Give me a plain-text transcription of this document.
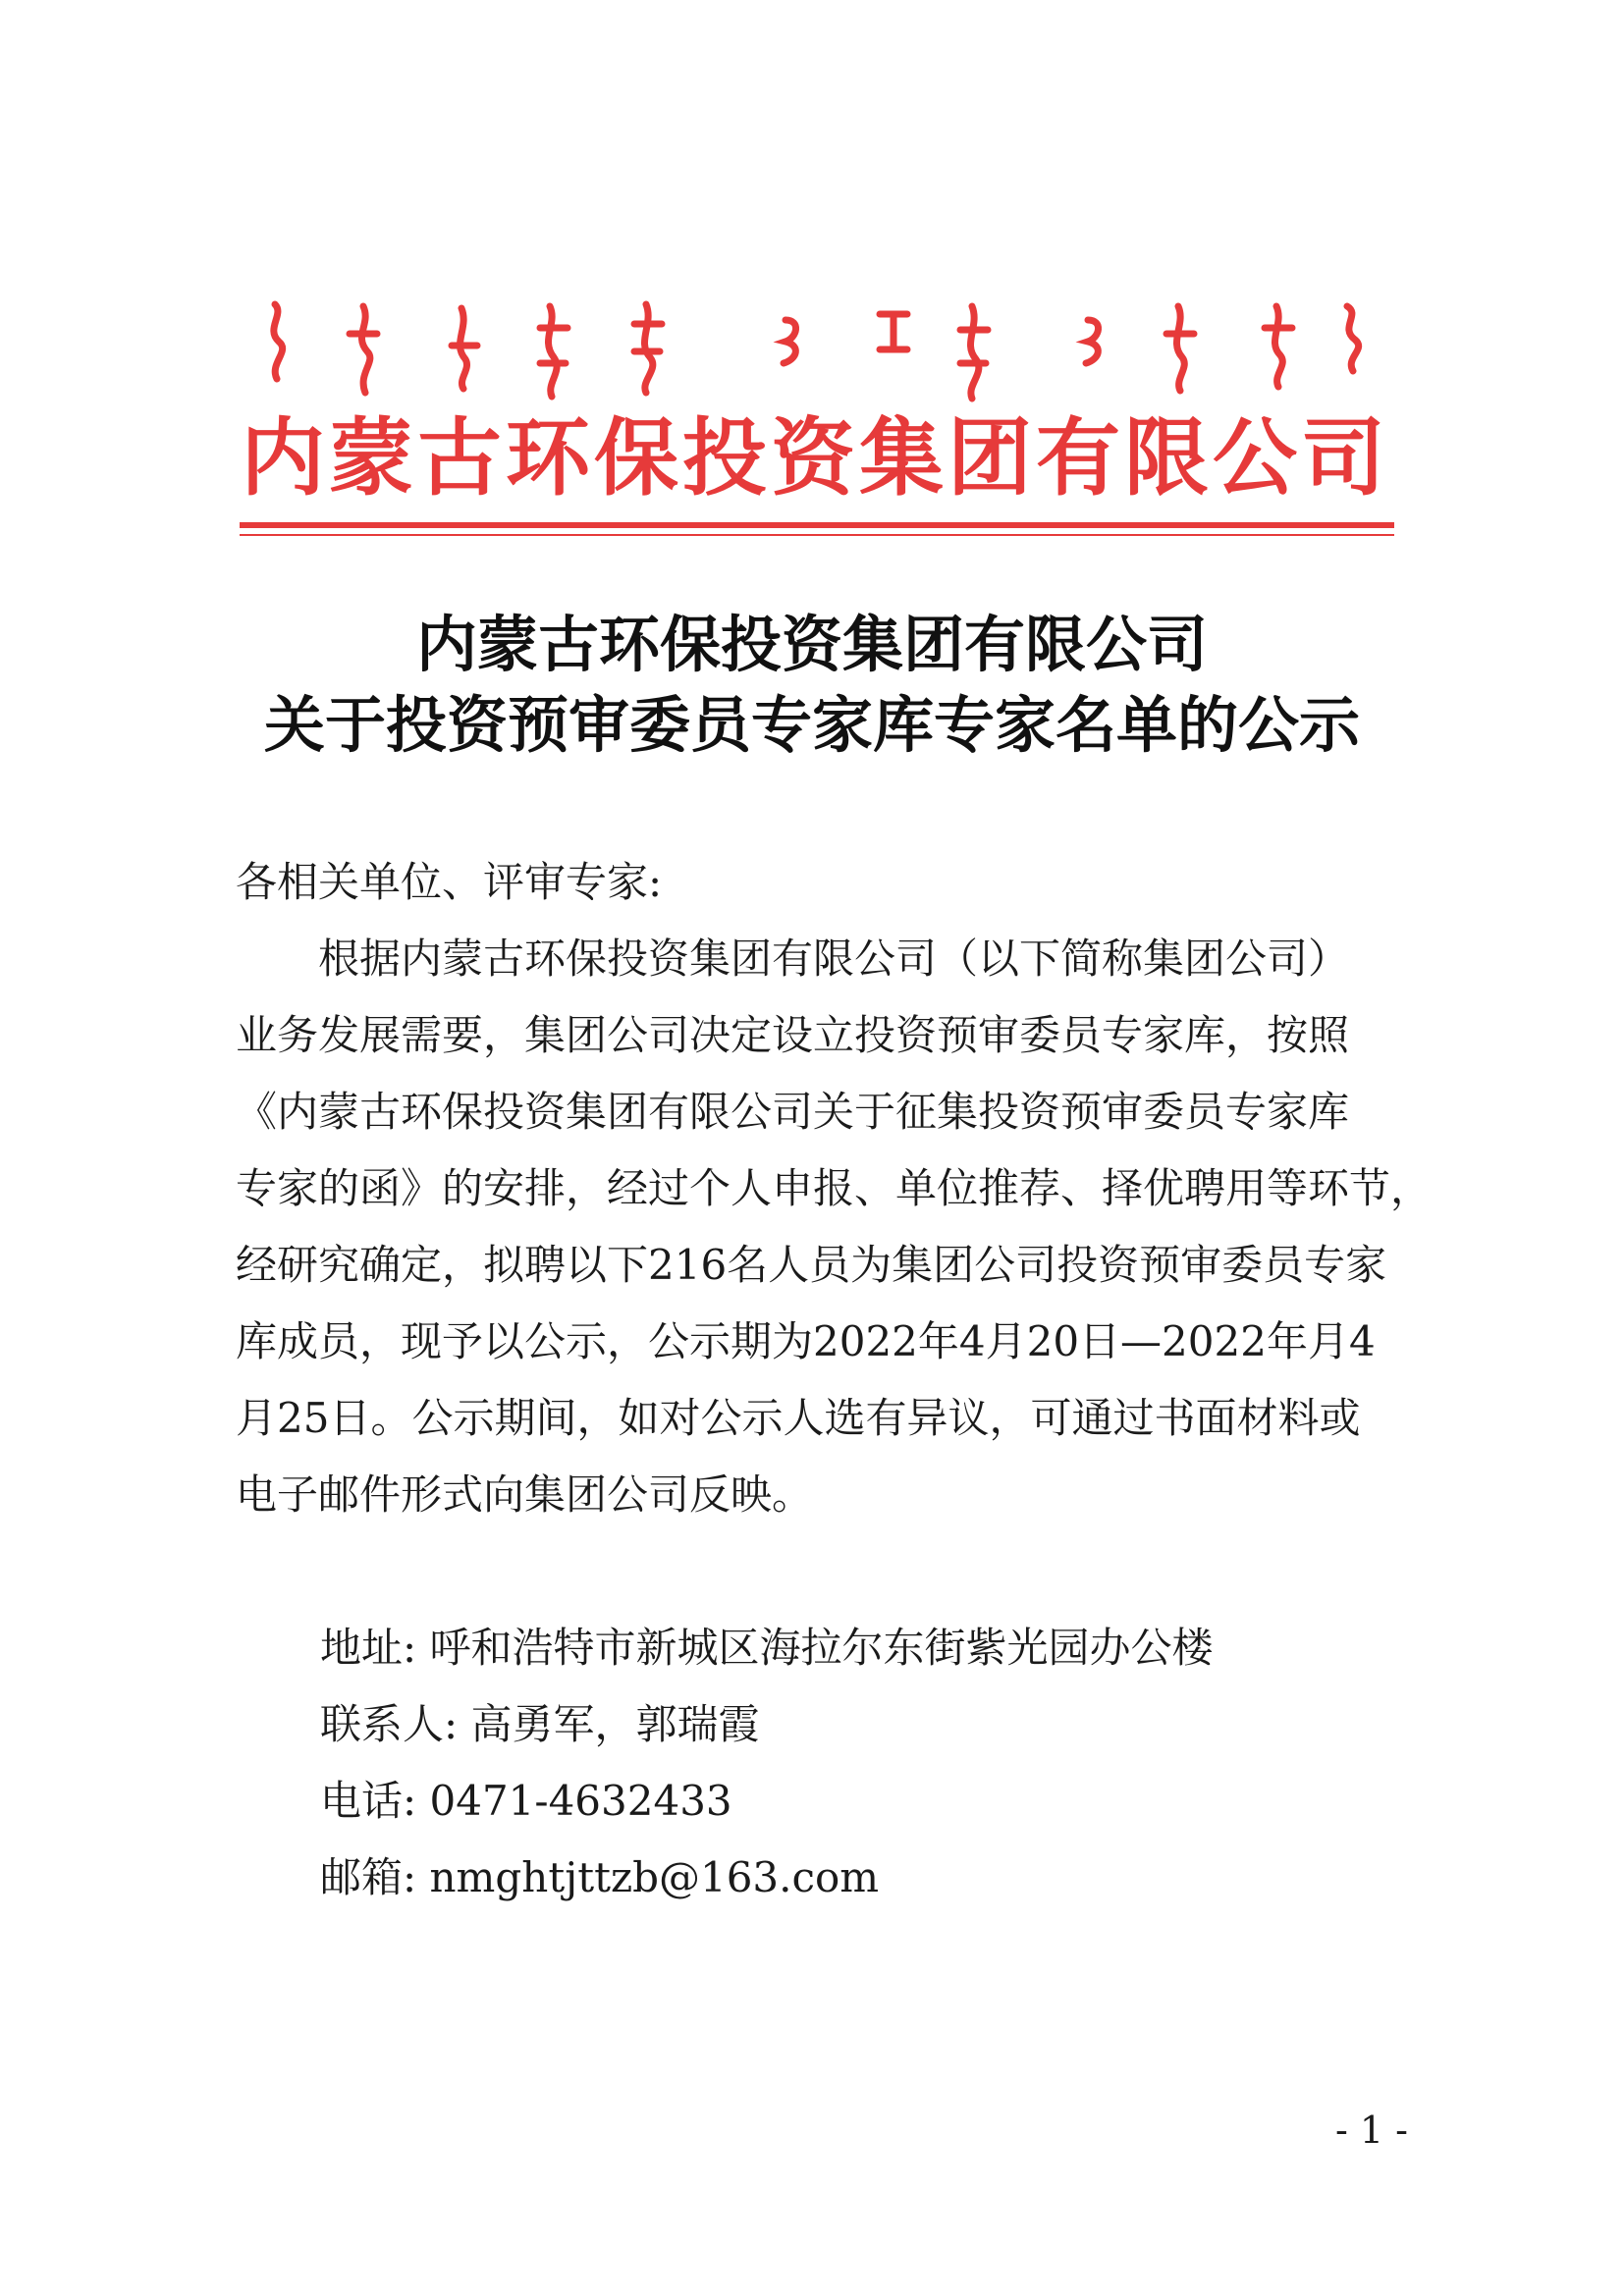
内蒙古环保投资集团有限公司
内蒙古环保投资集团有限公司
关于投资预审委员专家库专家名单的公示
各相关单位、评审专家:
　　根据内蒙古环保投资集团有限公司（以下简称集团公司）
业务发展需要，集团公司决定设立投资预审委员专家库，按照
《内蒙古环保投资集团有限公司关于征集投资预审委员专家库
专家的函》的安排，经过个人申报、单位推荐、择优聘用等环节，
经研究确定，拟聘以下216名人员为集团公司投资预审委员专家
库成员，现予以公示，公示期为2022年4月20日—2022年月4
月25日。公示期间，如对公示人选有异议，可通过书面材料或
电子邮件形式向集团公司反映。
地址: 呼和浩特市新城区海拉尔东街紫光园办公楼
联系人: 高勇军，郭瑞霞
电话: 0471-4632433
邮箱: nmghtjttzb@163.com
- 1 -
